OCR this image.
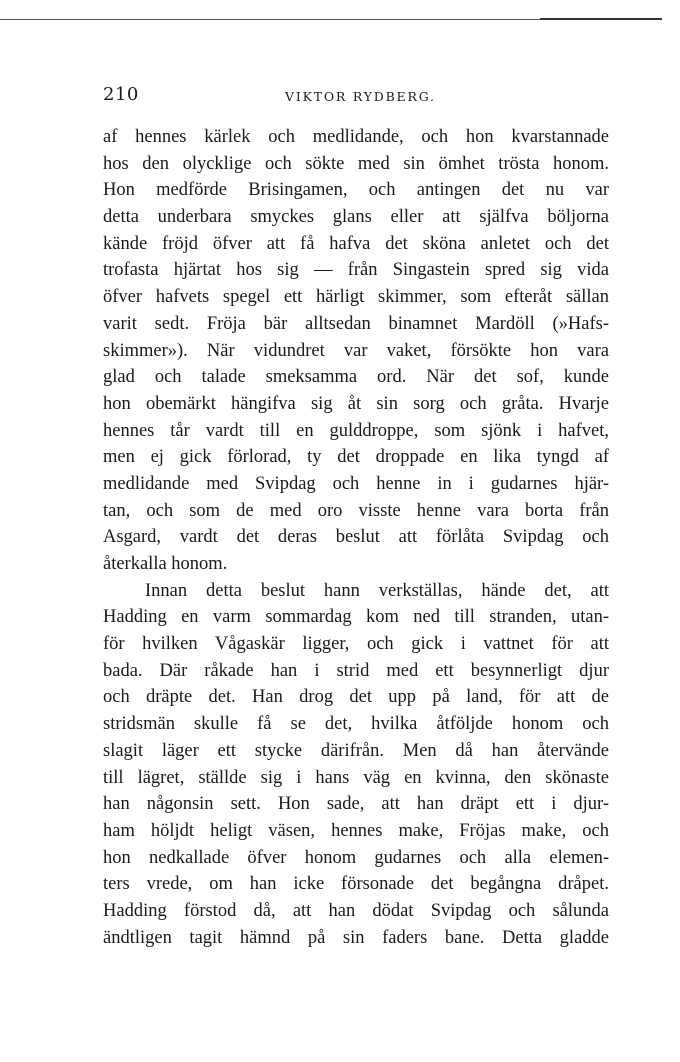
210	VIKTOR RYDBERG.
af hennes kärlek och medlidande, och hon kvarstannade
hos den olycklige och sökte med sin ömhet trösta honom.
Hon medförde Brisingamen, och antingen det nu var
detta underbara smyckes glans eller att själfva böljorna
kände fröjd öfver att få hafva det sköna anletet och det
trofasta hjärtat hos sig — från Singastein spred sig vida
öfver hafvets spegel ett härligt skimmer, som efteråt sällan
varit sedt. Fröja bär alltsedan binamnet Mardöll (»Hafs-
skimmer»). När vidundret var vaket, försökte hon vara
glad och talade smeksamma ord. När det sof, kunde
hon obemärkt hängifva sig åt sin sorg och gråta. Hvarje
hennes tår vardt till en gulddroppe, som sjönk i hafvet,
men ej gick förlorad, ty det droppade en lika tyngd af
medlidande med Svipdag och henne in i gudarnes hjär-
tan, och som de med oro visste henne vara borta från
Asgard, vardt det deras beslut att förlåta Svipdag och
återkalla honom.
Innan detta beslut hann verkställas, hände det, att
Hadding en varm sommardag kom ned till stranden, utan-
för hvilken Vågaskär ligger, och gick i vattnet för att
bada. Där råkade han i strid med ett besynnerligt djur
och dräpte det. Han drog det upp på land, för att de
stridsmän skulle få se det, hvilka åtföljde honom och
slagit läger ett stycke därifrån. Men då han återvände
till lägret, ställde sig i hans väg en kvinna, den skönaste
han någonsin sett. Hon sade, att han dräpt ett i djur-
ham höljdt heligt väsen, hennes make, Fröjas make, och
hon nedkallade öfver honom gudarnes och alla elemen-
ters vrede, om han icke försonade det begångna dråpet.
Hadding förstod då, att han dödat Svipdag och sålunda
ändtligen tagit hämnd på sin faders bane. Detta gladde
